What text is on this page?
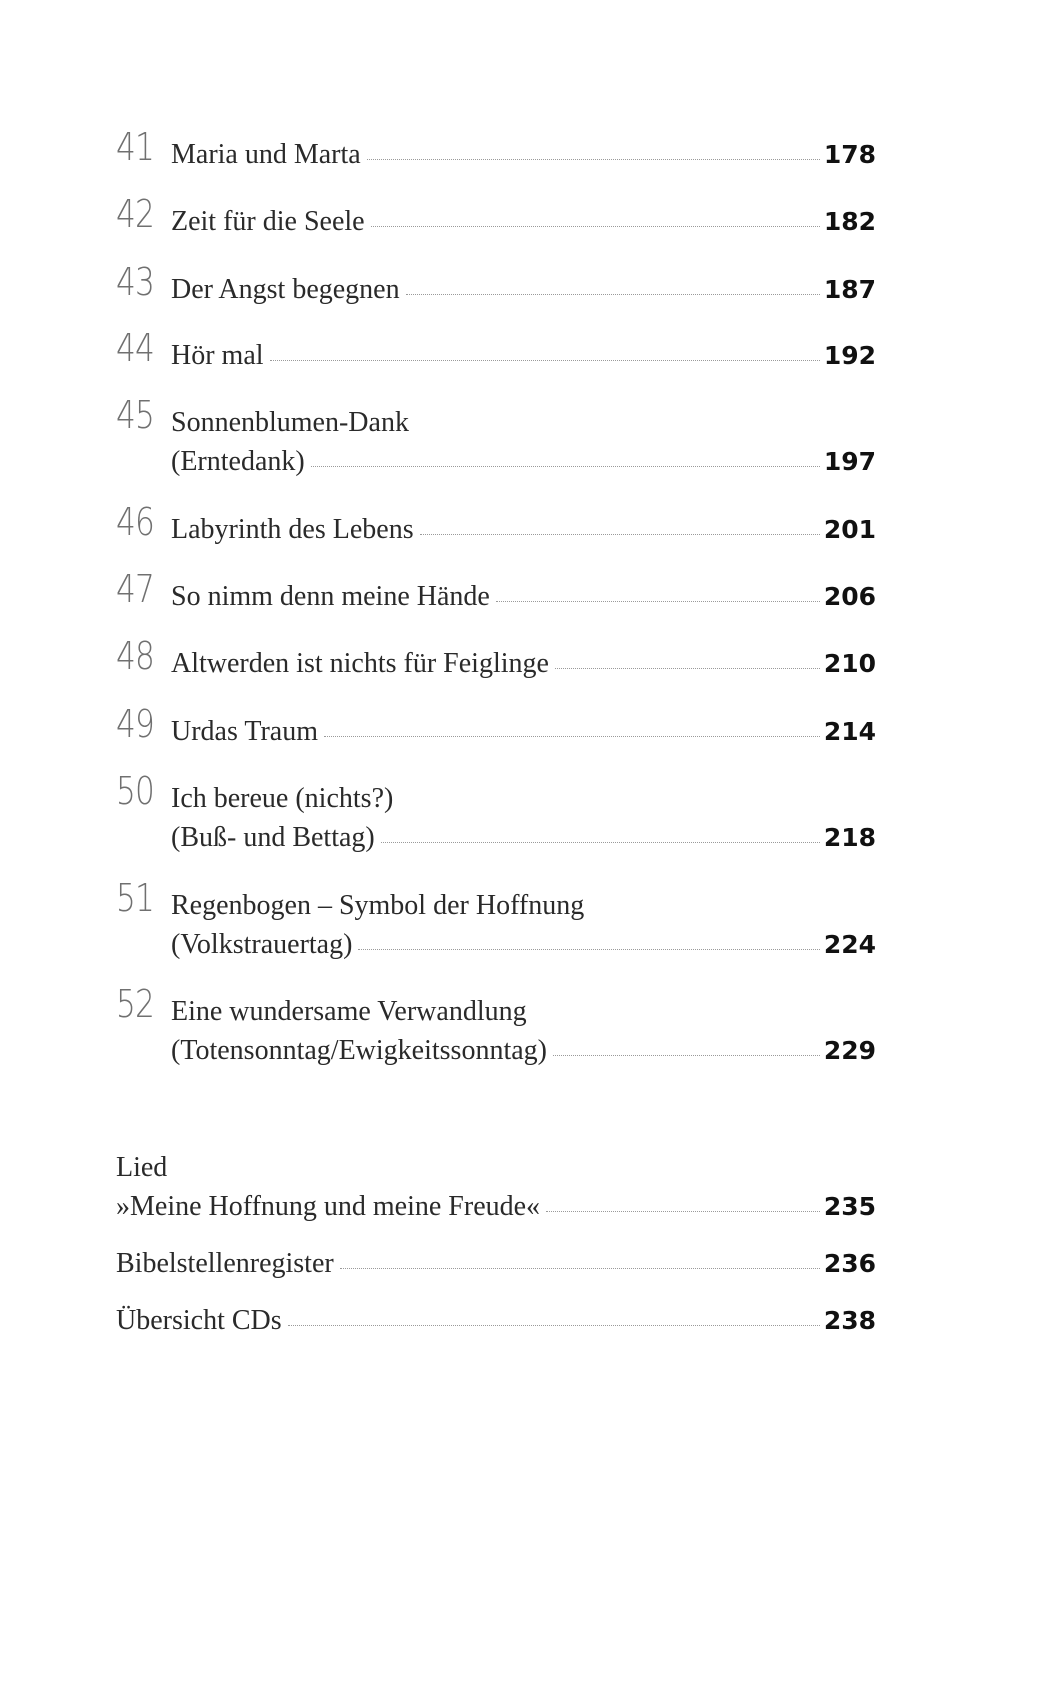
41 Maria und Marta	178
42 Zeit für die Seele	182
43 Der Angst begegnen	187
44 Hör mal	192
45 Sonnenblumen-Dank
(Erntedank)	197
46 Labyrinth des Lebens	201
47 So nimm denn meine Hände	206
48 Altwerden ist nichts für Feiglinge	210
49 Urdas Traum	214
50 Ich bereue (nichts?)
(Buß- und Bettag)	218
51 Regenbogen – Symbol der Hoffnung
(Volkstrauertag)	224
52 Eine wundersame Verwandlung
(Totensonntag/Ewigkeitssonntag)	229
Lied
»Meine Hoffnung und meine Freude«	235
Bibelstellenregister	236
Übersicht CDs	238
